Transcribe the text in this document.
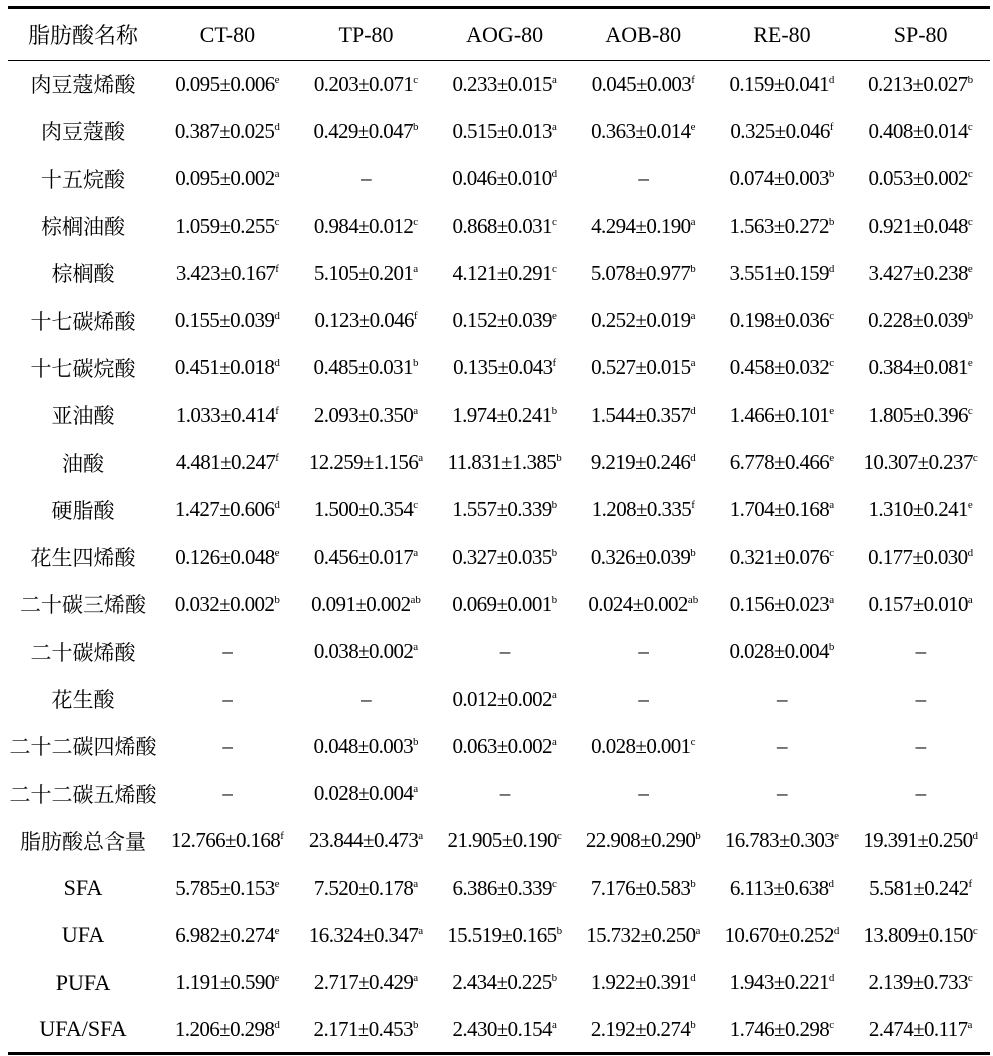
脂肪酸名称	CT-80	TP-80	AOG-80	AOB-80	RE-80	SP-80
肉豆蔻烯酸	0.095±0.006$^e$	0.203±0.071$^c$	0.233±0.015$^a$	0.045±0.003$^f$	0.159±0.041$^d$	0.213±0.027$^b$
肉豆蔻酸	0.387±0.025$^d$	0.429±0.047$^b$	0.515±0.013$^a$	0.363±0.014$^e$	0.325±0.046$^f$	0.408±0.014$^c$
十五烷酸	0.095±0.002$^a$	–	0.046±0.010$^d$	–	0.074±0.003$^b$	0.053±0.002$^c$
棕榈油酸	1.059±0.255$^c$	0.984±0.012$^c$	0.868±0.031$^c$	4.294±0.190$^a$	1.563±0.272$^b$	0.921±0.048$^c$
棕榈酸	3.423±0.167$^f$	5.105±0.201$^a$	4.121±0.291$^c$	5.078±0.977$^b$	3.551±0.159$^d$	3.427±0.238$^e$
十七碳烯酸	0.155±0.039$^d$	0.123±0.046$^f$	0.152±0.039$^e$	0.252±0.019$^a$	0.198±0.036$^c$	0.228±0.039$^b$
十七碳烷酸	0.451±0.018$^d$	0.485±0.031$^b$	0.135±0.043$^f$	0.527±0.015$^a$	0.458±0.032$^c$	0.384±0.081$^e$
亚油酸	1.033±0.414$^f$	2.093±0.350$^a$	1.974±0.241$^b$	1.544±0.357$^d$	1.466±0.101$^e$	1.805±0.396$^c$
油酸	4.481±0.247$^f$	12.259±1.156$^a$	11.831±1.385$^b$	9.219±0.246$^d$	6.778±0.466$^e$	10.307±0.237$^c$
硬脂酸	1.427±0.606$^d$	1.500±0.354$^c$	1.557±0.339$^b$	1.208±0.335$^f$	1.704±0.168$^a$	1.310±0.241$^e$
花生四烯酸	0.126±0.048$^e$	0.456±0.017$^a$	0.327±0.035$^b$	0.326±0.039$^b$	0.321±0.076$^c$	0.177±0.030$^d$
二十碳三烯酸	0.032±0.002$^b$	0.091±0.002$^{ab}$	0.069±0.001$^b$	0.024±0.002$^{ab}$	0.156±0.023$^a$	0.157±0.010$^a$
二十碳烯酸	–	0.038±0.002$^a$	–	–	0.028±0.004$^b$	–
花生酸	–	–	0.012±0.002$^a$	–	–	–
二十二碳四烯酸	–	0.048±0.003$^b$	0.063±0.002$^a$	0.028±0.001$^c$	–	–
二十二碳五烯酸	–	0.028±0.004$^a$	–	–	–	–
脂肪酸总含量	12.766±0.168$^f$	23.844±0.473$^a$	21.905±0.190$^c$	22.908±0.290$^b$	16.783±0.303$^e$	19.391±0.250$^d$
SFA	5.785±0.153$^e$	7.520±0.178$^a$	6.386±0.339$^c$	7.176±0.583$^b$	6.113±0.638$^d$	5.581±0.242$^f$
UFA	6.982±0.274$^e$	16.324±0.347$^a$	15.519±0.165$^b$	15.732±0.250$^a$	10.670±0.252$^d$	13.809±0.150$^c$
PUFA	1.191±0.590$^e$	2.717±0.429$^a$	2.434±0.225$^b$	1.922±0.391$^d$	1.943±0.221$^d$	2.139±0.733$^c$
UFA/SFA	1.206±0.298$^d$	2.171±0.453$^b$	2.430±0.154$^a$	2.192±0.274$^b$	1.746±0.298$^c$	2.474±0.117$^a$
